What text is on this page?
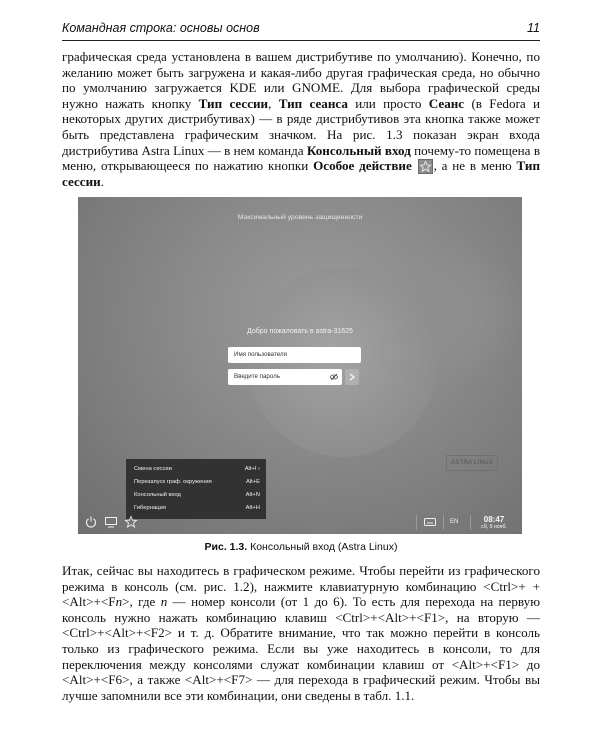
Командная строка: основы основ	11

графическая среда установлена в вашем дистрибутиве по умолчанию). Конечно, по желанию может быть загружена и какая-либо другая графическая среда, но обычно по умолчанию загружается KDE или GNOME. Для выбора графической среды нужно нажать кнопку Тип сессии, Тип сеанса или просто Сеанс (в Fedora и некоторых других дистрибутивах) — в ряде дистрибутивов эта кнопка также может быть представлена графическим значком. На рис. 1.3 показан экран входа дистрибутива Astra Linux — в нем команда Консольный вход почему-то помещена в меню, открывающееся по нажатию кнопки Особое действие , а не в меню Тип сессии.

Максимальный уровень защищенности
Добро пожаловать в astra-31625
Имя пользователя
Введите пароль
ASTRA LINUX
Смена сессии	Alt+I ›
Перезапуск граф. окружения	Alt+E
Консольный вход	Alt+N
Гибернация	Alt+H
EN	08:47
сб, 9 нояб.
Рис. 1.3. Консольный вход (Astra Linux)

Итак, сейчас вы находитесь в графическом режиме. Чтобы перейти из графического режима в консоль (см. рис. 1.2), нажмите клавиатурную комбинацию <Ctrl>+ +<Alt>+<Fn>, где n — номер консоли (от 1 до 6). То есть для перехода на первую консоль нужно нажать комбинацию клавиш <Ctrl>+<Alt>+<F1>, на вторую — <Ctrl>+<Alt>+<F2> и т. д. Обратите внимание, что так можно перейти в консоль только из графического режима. Если вы уже находитесь в консоли, то для переключения между консолями служат комбинации клавиш от <Alt>+<F1> до <Alt>+<F6>, а также <Alt>+<F7> — для перехода в графический режим. Чтобы вы лучше запомнили все эти комбинации, они сведены в табл. 1.1.
